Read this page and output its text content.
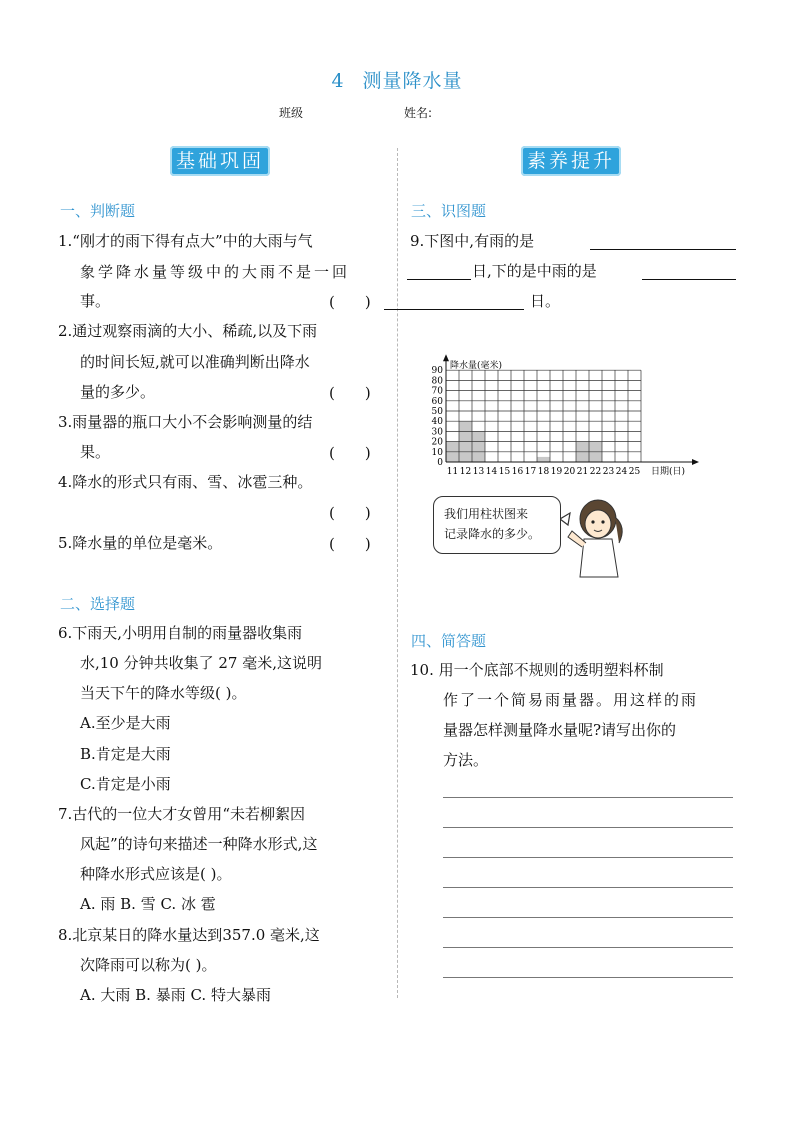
4 测量降水量
班级	姓名:
基础巩固	素养提升
一、判断题
1.“刚才的雨下得有点大”中的大雨与气
象学降水量等级中的大雨不是一回
事。	(　　)
2.通过观察雨滴的大小、稀疏,以及下雨
的时间长短,就可以准确判断出降水
量的多少。	(　　)
3.雨量器的瓶口大小不会影响测量的结
果。	(　　)
4.降水的形式只有雨、雪、冰雹三种。
(　　)
5.降水量的单位是毫米。	(　　)
二、选择题
6.下雨天,小明用自制的雨量器收集雨
水,10 分钟共收集了 27 毫米,这说明
当天下午的降水等级( )。
A.至少是大雨
B.肯定是大雨
C.肯定是小雨
7.古代的一位大才女曾用“未若柳絮因
风起”的诗句来描述一种降水形式,这
种降水形式应该是( )。
A. 雨 B. 雪 C. 冰 雹
8.北京某日的降水量达到357.0 毫米,这
次降雨可以称为( )。
A. 大雨 B. 暴雨 C. 特大暴雨
三、识图题
9.下图中,有雨的是
日,下的是中雨的是
日。
0
10
20
30
40
50
60
70
80
90
11 12 13 14 15 16 17 18 19 20 21 22 23 24 25
降水量(毫米)
日期(日)
我们用柱状图来
记录降水的多少。
四、简答题
10. 用一个底部不规则的透明塑料杯制
作了一个简易雨量器。用这样的雨
量器怎样测量降水量呢?请写出你的
方法。
